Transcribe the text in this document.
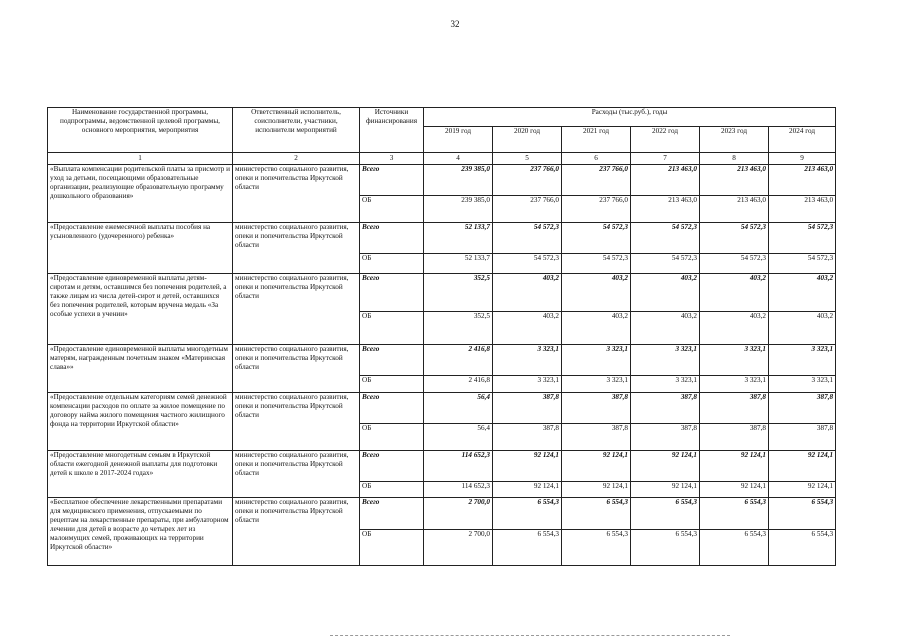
32
Наименование государственной программы, подпрограммы, ведомственной целевой программы, основного мероприятия, мероприятия	Ответственный исполнитель, соисполнители, участники, исполнители мероприятий	Источники финансирования	Расходы (тыс.руб.), годы					
			2019 год	2020 год	2021 год	2022 год	2023 год	2024 год
1	2	3	4	5	6	7	8	9
«Выплата компенсации родительской платы за присмотр и уход за детьми, посещающими образовательные организации, реализующие образовательную программу дошкольного образования»	министерство социального развития, опеки и попечительства Иркутской области	Всего	239 385,0	237 766,0	237 766,0	213 463,0	213 463,0	213 463,0
		ОБ	239 385,0	237 766,0	237 766,0	213 463,0	213 463,0	213 463,0
«Предоставление ежемесячной выплаты пособия на усыновленного (удочеренного) ребенка»	министерство социального развития, опеки и попечительства Иркутской области	Всего	52 133,7	54 572,3	54 572,3	54 572,3	54 572,3	54 572,3
		ОБ	52 133,7	54 572,3	54 572,3	54 572,3	54 572,3	54 572,3
«Предоставление единовременной выплаты детям-сиротам и детям, оставшимся без попечения родителей, а также лицам из числа детей-сирот и детей, оставшихся без попечения родителей, которым вручена медаль «За особые успехи в учении»	министерство социального развития, опеки и попечительства Иркутской области	Всего	352,5	403,2	403,2	403,2	403,2	403,2
		ОБ	352,5	403,2	403,2	403,2	403,2	403,2
«Предоставление единовременной выплаты многодетным матерям, награжденным почетным знаком «Материнская слава»»	министерство социального развития, опеки и попечительства Иркутской области	Всего	2 416,8	3 323,1	3 323,1	3 323,1	3 323,1	3 323,1
		ОБ	2 416,8	3 323,1	3 323,1	3 323,1	3 323,1	3 323,1
«Предоставление отдельным категориям семей денежной компенсации расходов по оплате за жилое помещение по договору найма жилого помещения частного жилищного фонда на территории Иркутской области»	министерство социального развития, опеки и попечительства Иркутской области	Всего	56,4	387,8	387,8	387,8	387,8	387,8
		ОБ	56,4	387,8	387,8	387,8	387,8	387,8
«Предоставление многодетным семьям в Иркутской области ежегодной денежной выплаты для подготовки детей к школе в 2017-2024 годах»	министерство социального развития, опеки и попечительства Иркутской области	Всего	114 652,3	92 124,1	92 124,1	92 124,1	92 124,1	92 124,1
		ОБ	114 652,3	92 124,1	92 124,1	92 124,1	92 124,1	92 124,1
«Бесплатное обеспечение лекарственными препаратами для медицинского применения, отпускаемыми по рецептам на лекарственные препараты, при амбулаторном лечении для детей в возрасте до четырех лет из малоимущих семей, проживающих на территории Иркутской области»	министерство социального развития, опеки и попечительства Иркутской области	Всего	2 700,0	6 554,3	6 554,3	6 554,3	6 554,3	6 554,3
		ОБ	2 700,0	6 554,3	6 554,3	6 554,3	6 554,3	6 554,3
